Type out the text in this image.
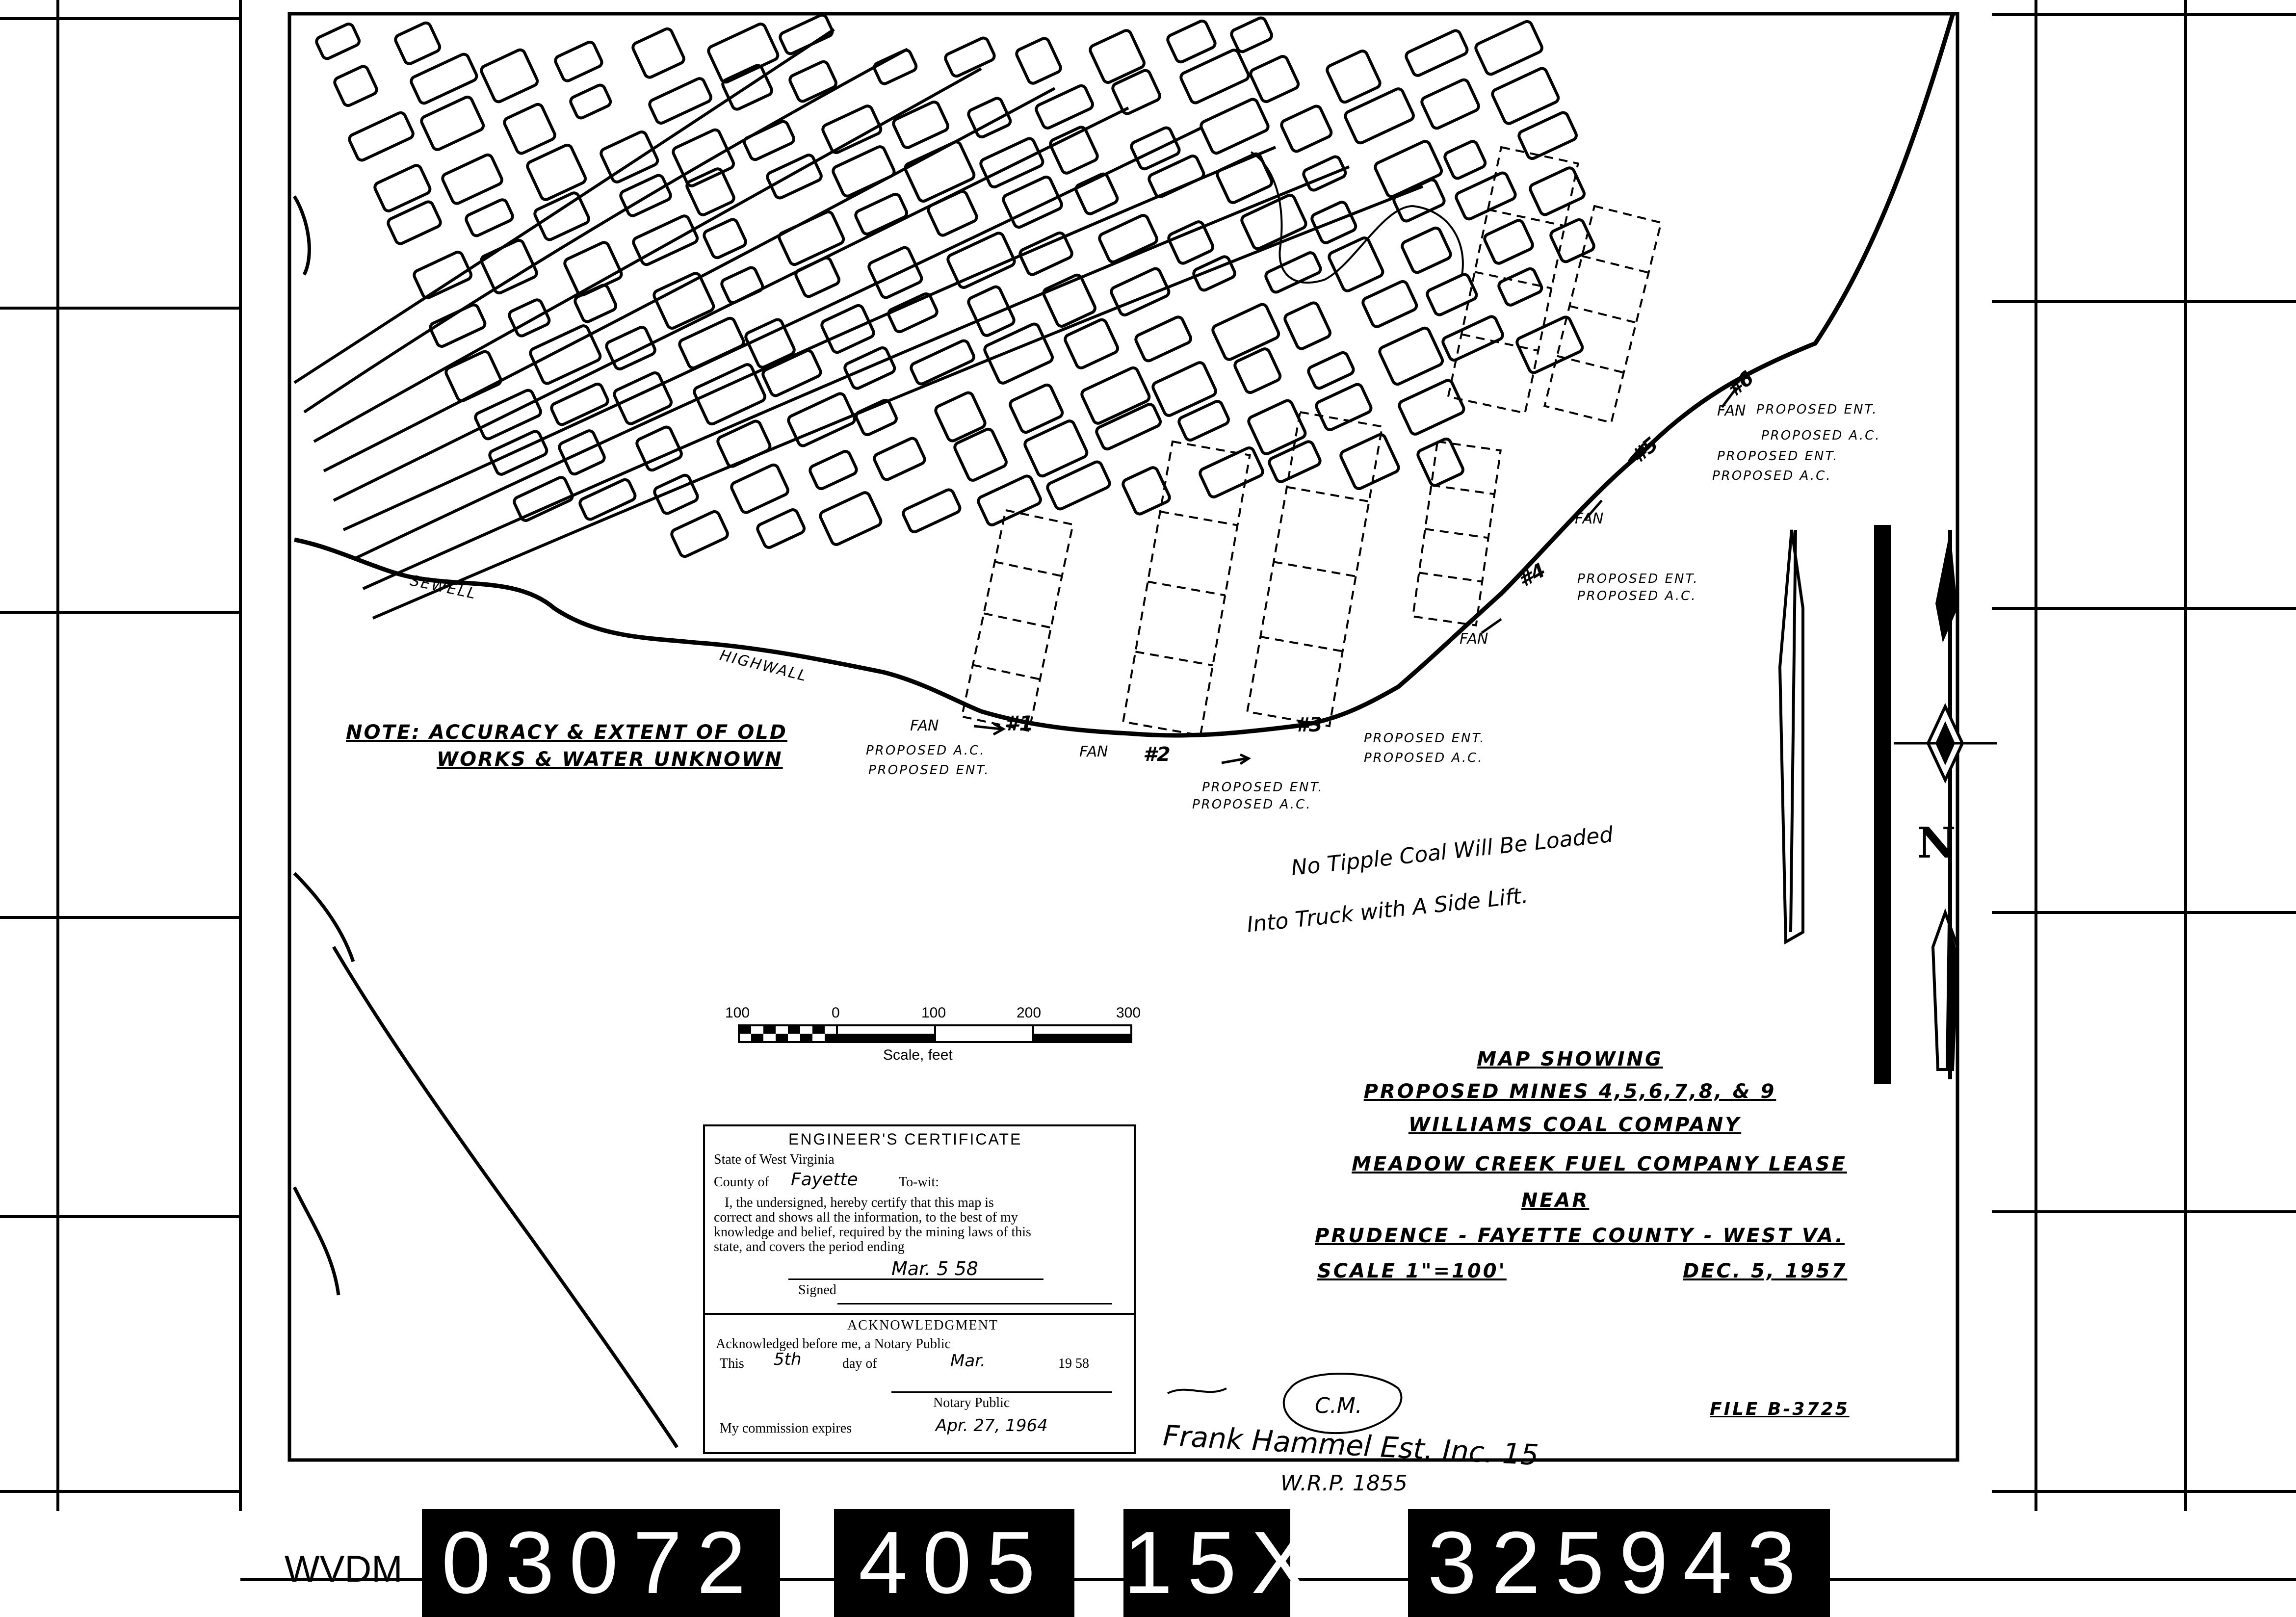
NOTE: ACCURACY & EXTENT OF OLD
WORKS & WATER UNKNOWN
SEWELL
HIGHWALL
No Tipple Coal Will Be Loaded
Into Truck with A Side Lift.
#1
FAN
PROPOSED A.C.
PROPOSED ENT.
#2
FAN
PROPOSED ENT.
PROPOSED A.C.
#3
PROPOSED ENT.
PROPOSED A.C.
#4
FAN
PROPOSED ENT.
PROPOSED A.C.
#5
FAN
PROPOSED ENT.
PROPOSED A.C.
#6
FAN PROPOSED ENT.
PROPOSED A.C.
N
100	0	100	200	300
Scale, feet	MAP SHOWING
PROPOSED MINES 4,5,6,7,8, & 9
WILLIAMS COAL COMPANY
MEADOW CREEK FUEL COMPANY LEASE
NEAR
PRUDENCE - FAYETTE COUNTY - WEST VA.
SCALE 1"=100'	DEC. 5, 1957
FILE B-3725
ENGINEER'S CERTIFICATE
State of West Virginia
County of Fayette	To-wit:
I, the undersigned, hereby certify that this map is
correct and shows all the information, to the best of my
knowledge and belief, required by the mining laws of this
state, and covers the period ending
Mar. 5 58
Signed
ACKNOWLEDGMENT
Acknowledged before me, a Notary Public
This 5th	day of	Mar.	19 58
Notary Public
My commission expires	Apr. 27, 1964	Frank Hammel Est. Inc. 15
W.R.P. 1855
C.M.
WVDM 03072 405 15X 325943
